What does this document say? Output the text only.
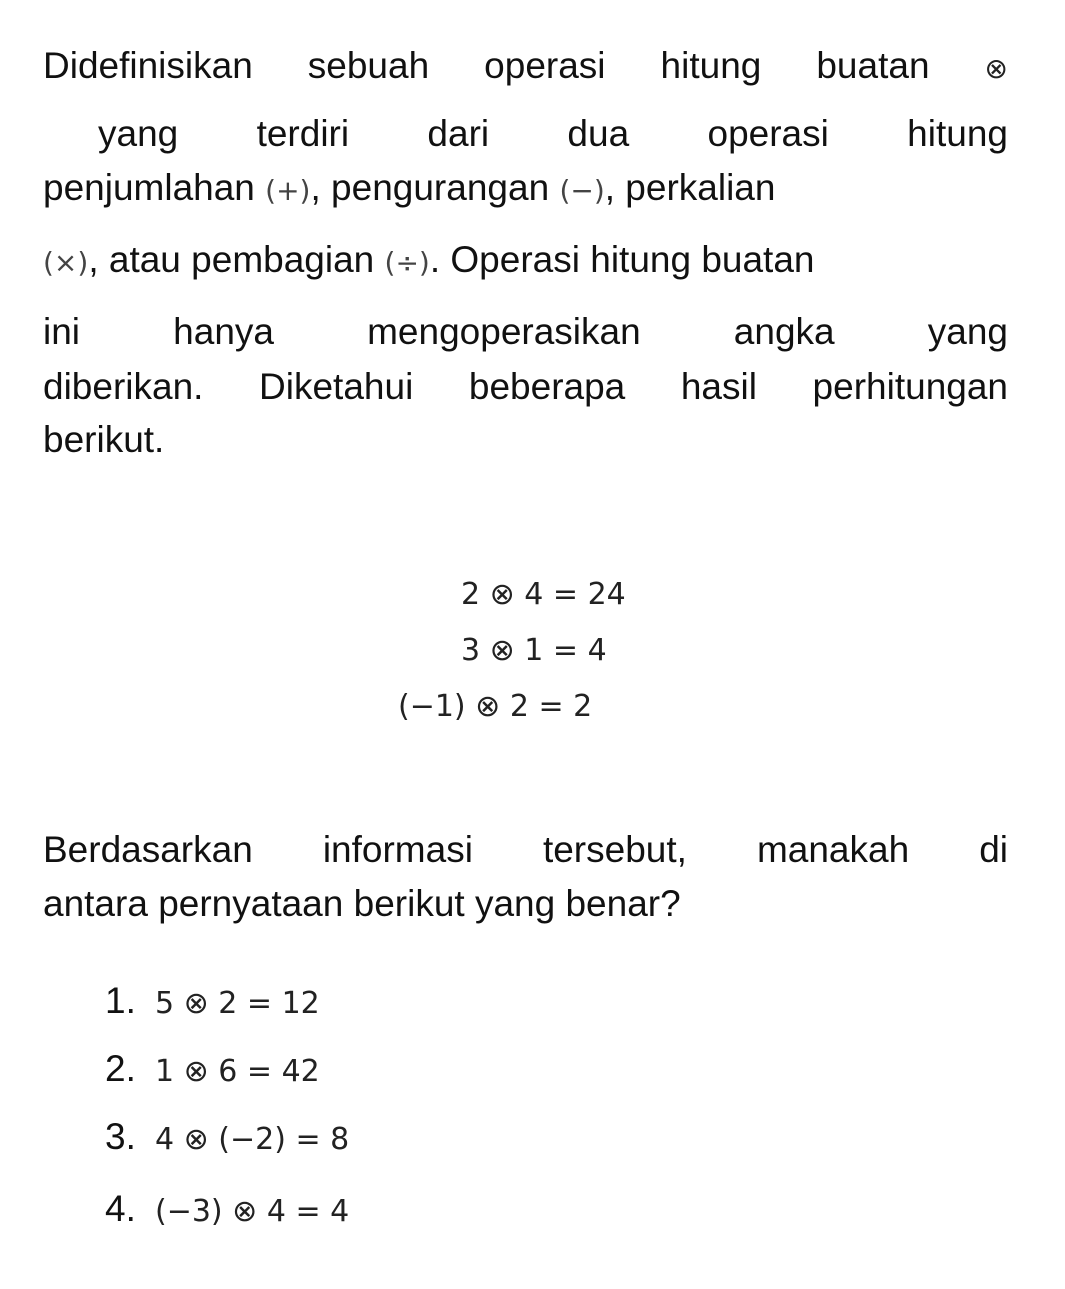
Didefinisikan sebuah operasi hitung buatan ⊗

yang terdiri dari dua operasi hitung

penjumlahan (+), pengurangan (−), perkalian

(×), atau pembagian (÷). Operasi hitung buatan

ini hanya mengoperasikan angka yang

diberikan. Diketahui beberapa hasil perhitungan

berikut.

2 ⊗ 4 = 24
3 ⊗ 1 = 4
(−1) ⊗ 2 = 2

Berdasarkan informasi tersebut, manakah di

antara pernyataan berikut yang benar?

1. 5 ⊗ 2 = 12
2. 1 ⊗ 6 = 42
3. 4 ⊗ (−2) = 8
4. (−3) ⊗ 4 = 4
